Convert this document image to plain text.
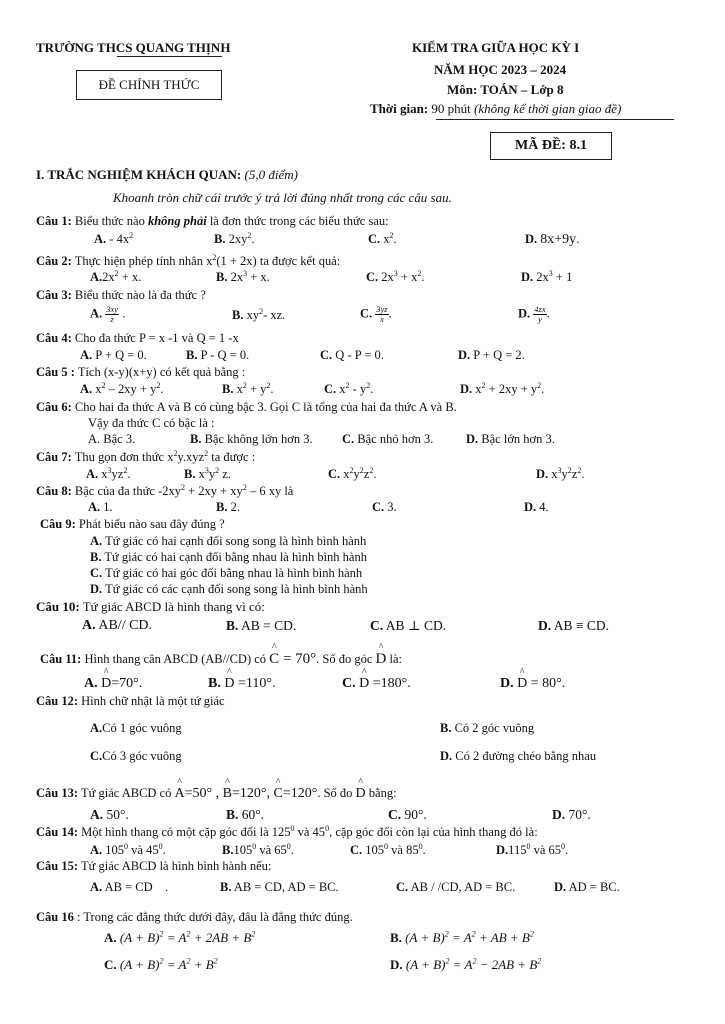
TRƯỜNG THCS QUANG THỊNH	KIỂM TRA GIỮA HỌC KỲ I
NĂM HỌC 2023 – 2024
Môn: TOÁN – Lớp 8
Thời gian: 90 phút (không kể thời gian giao đề)
ĐỀ CHÍNH THỨC
MÃ ĐỀ: 8.1
I. TRẮC NGHIỆM KHÁCH QUAN: (5,0 điểm)
Khoanh tròn chữ cái trước ý trả lời đúng nhất trong các câu sau.
Câu 1: Biểu thức nào không phải là đơn thức trong các biểu thức sau:
A. - $4x^2$	B. $2xy^2$.	C. $x^2$.	D. 8x+9y.
Câu 2: Thực hiện phép tính nhân $x^2(1 + 2x)$ ta được kết quả:
$A.2x^2 + x$.	B. $2x^3 + x$.	C. $2x^3 + x^2$.	D. $2x^3 + 1$
Câu 3: Biểu thức nào là đa thức ?
A. $\frac{3xy}{z}$ .	B. $xy^2-$ xz.	C. $\frac{3yz}{x}$ .	D. $\frac{4zx}{y}$ .
Câu 4: Cho đa thức P = x -1 và Q = 1 -x
A. P + Q = 0.	B. P - Q = 0.	C. Q - P = 0.	D. P + Q = 2.
Câu 5 : Tích (x-y)(x+y) có kết quả bằng :
A. $x^2 - 2xy + y^2$.	B. $x^2 + y^2$.	C. $x^2 - y^2$.	D. $x^2 + 2xy + y^2$.
Câu 6: Cho hai đa thức A và B có cùng bậc 3. Gọi C là tổng của hai đa thức A và B.
Vậy đa thức C có bậc là :
A. Bậc 3.	B. Bậc không lớn hơn 3. C. Bậc nhỏ hơn 3.	D. Bậc lớn hơn 3.
Câu 7: Thu gọn đơn thức $x^2y.xyz^2$ ta được :
A. $x^3yz^2$.	B. $x^3y^2$ z.	C. $x^2y^2z^2$.	D. $x^3y^2z^2$.
Câu 8: Bậc của đa thức $-2xy^2 + 2xy + xy^2 - 6$ xy là
A. 1.	B. 2.	C. 3.	D. 4.
Câu 9: Phát biểu nào sau đây đúng ?
A. Tứ giác có hai cạnh đối song song là hình bình hành
B. Tứ giác có hai cạnh đối bằng nhau là hình bình hành
C. Tứ giác có hai góc đối bằng nhau là hình bình hành
D. Tứ giác có các cạnh đối song song là hình bình hành
Câu 10: Tứ giác ABCD là hình thang vì có:
A. AB// CD.	B. AB = CD.	C. AB ⊥ CD.	D. AB ≡ CD.
Câu 11: Hình thang cân ABCD (AB//CD) có ^ C = 70°. Số đo góc ^ D là:
A. ^ D=70°.	B. ^ D =110°.	C. ^ D =180°.	D. ^ D = 80°.
Câu 12: Hình chữ nhật là một tứ giác
A.Có 1 góc vuông	B. Có 2 góc vuông
C.Có 3 góc vuông	D. Có 2 đường chéo bằng nhau
Câu 13: Tứ giác ABCD có ^ A=50° , ^ B=120°, ^ C=120°. Số đo ^ D bằng:
A. 50°.	B. 60°.	C. 90°.	D. 70°.
Câu 14: Một hình thang có một cặp góc đối là $125^0$ và $45^0$, cặp góc đối còn lại của hình thang đó là:
A. $105^0$ và $45^0$.	B.105$^0$ và $65^0$.	C. $105^0$ và $85^0$.	D.115$^0$ và $65^0$.
Câu 15: Tứ giác ABCD là hình bình hành nếu:
A. AB = CD    .	B. AB = CD, AD = BC.	C. AB / /CD, AD = BC.	D. AD = BC.
Câu 16 : Trong các đẳng thức dưới đây, đâu là đẳng thức đúng.
A. $(A + B)^2 = A^2 + 2AB + B^2$	B. $(A + B)^2 = A^2$ + AB + $B^2$
C. $(A + B)^2 = A^2 + B^2$	D. $(A + B)^2 = A^2 - 2AB + B^2$
